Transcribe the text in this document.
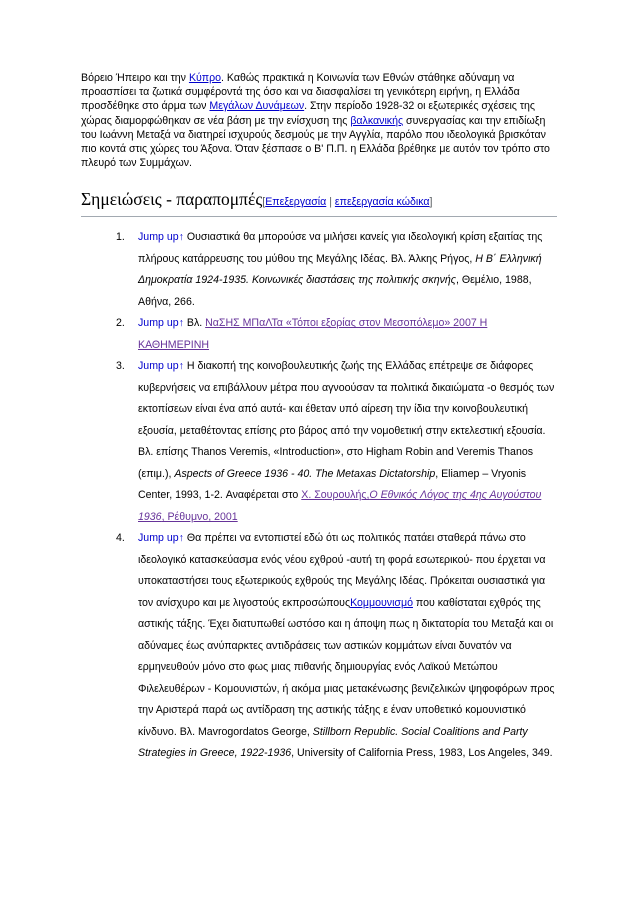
Βόρειο Ήπειρο και την Κύπρο. Καθώς πρακτικά η Κοινωνία των Εθνών στάθηκε αδύναμη να προασπίσει τα ζωτικά συμφέροντά της όσο και να διασφαλίσει τη γενικότερη ειρήνη, η Ελλάδα προσδέθηκε στο άρμα των Μεγάλων Δυνάμεων. Στην περίοδο 1928-32 οι εξωτερικές σχέσεις της χώρας διαμορφώθηκαν σε νέα βάση με την ενίσχυση της βαλκανικής συνεργασίας και την επιδίωξη του Ιωάννη Μεταξά να διατηρεί ισχυρούς δεσμούς με την Αγγλία, παρόλο που ιδεολογικά βρισκόταν πιο κοντά στις χώρες του Άξονα. Όταν ξέσπασε ο Β' Π.Π. η Ελλάδα βρέθηκε με αυτόν τον τρόπο στο πλευρό των Συμμάχων.

Σημειώσεις - παραπομπές[Επεξεργασία | επεξεργασία κώδικα]
1. Jump up↑ Ουσιαστικά θα μπορούσε να μιλήσει κανείς για ιδεολογική κρίση εξαιτίας της πλήρους κατάρρευσης του μύθου της Μεγάλης Ιδέας. Βλ. Άλκης Ρήγος, Η Β΄ Ελληνική Δημοκρατία 1924-1935. Κοινωνικές διαστάσεις της πολιτικής σκηνής, Θεμέλιο, 1988, Αθήνα, 266.
2. Jump up↑ Βλ. ΝαΣΗΣ ΜΠαΛΤα «Τόποι εξορίας στον Μεσοπόλεμο» 2007 Η ΚΑΘΗΜΕΡΙΝΗ
3. Jump up↑ Η διακοπή της κοινοβουλευτικής ζωής της Ελλάδας επέτρεψε σε διάφορες κυβερνήσεις να επιβάλλουν μέτρα που αγνοούσαν τα πολιτικά δικαιώματα -ο θεσμός των εκτοπίσεων είναι ένα από αυτά- και έθεταν υπό αίρεση την ίδια την κοινοβουλευτική εξουσία, μεταθέτοντας επίσης ρτο βάρος από την νομοθετική στην εκτελεστική εξουσία. Βλ. επίσης Thanos Veremis, «Introduction», στο Higham Robin and Veremis Thanos (επιμ.), Aspects of Greece 1936 - 40. The Metaxas Dictatorship, Eliamep – Vryonis Center, 1993, 1-2. Αναφέρεται στο Χ. Σουρουλής,Ο Εθνικός Λόγος της 4ης Αυγούστου 1936, Ρέθυμνο, 2001
4. Jump up↑ Θα πρέπει να εντοπιστεί εδώ ότι ως πολιτικός πατάει σταθερά πάνω στο ιδεολογικό κατασκεύασμα ενός νέου εχθρού -αυτή τη φορά εσωτερικού- που έρχεται να υποκαταστήσει τους εξωτερικούς εχθρούς της Μεγάλης Ιδέας. Πρόκειται ουσιαστικά για τον ανίσχυρο και με λιγοστούς εκπροσώπουςΚομμουνισμό που καθίσταται εχθρός της αστικής τάξης. Έχει διατυπωθεί ωστόσο και η άποψη πως η δικτατορία του Μεταξά και οι αδύναμες έως ανύπαρκτες αντιδράσεις των αστικών κομμάτων είναι δυνατόν να ερμηνευθούν μόνο στο φως μιας πιθανής δημιουργίας ενός Λαϊκού Μετώπου Φιλελευθέρων - Κομουνιστών, ή ακόμα μιας μετακένωσης βενιζελικών ψηφοφόρων προς την Αριστερά παρά ως αντίδραση της αστικής τάξης ε έναν υποθετικό κομουνιστικό κίνδυνο. Βλ. Mavrogordatos George, Stillborn Republic. Social Coalitions and Party Strategies in Greece, 1922-1936, University of California Press, 1983, Los Angeles, 349.
